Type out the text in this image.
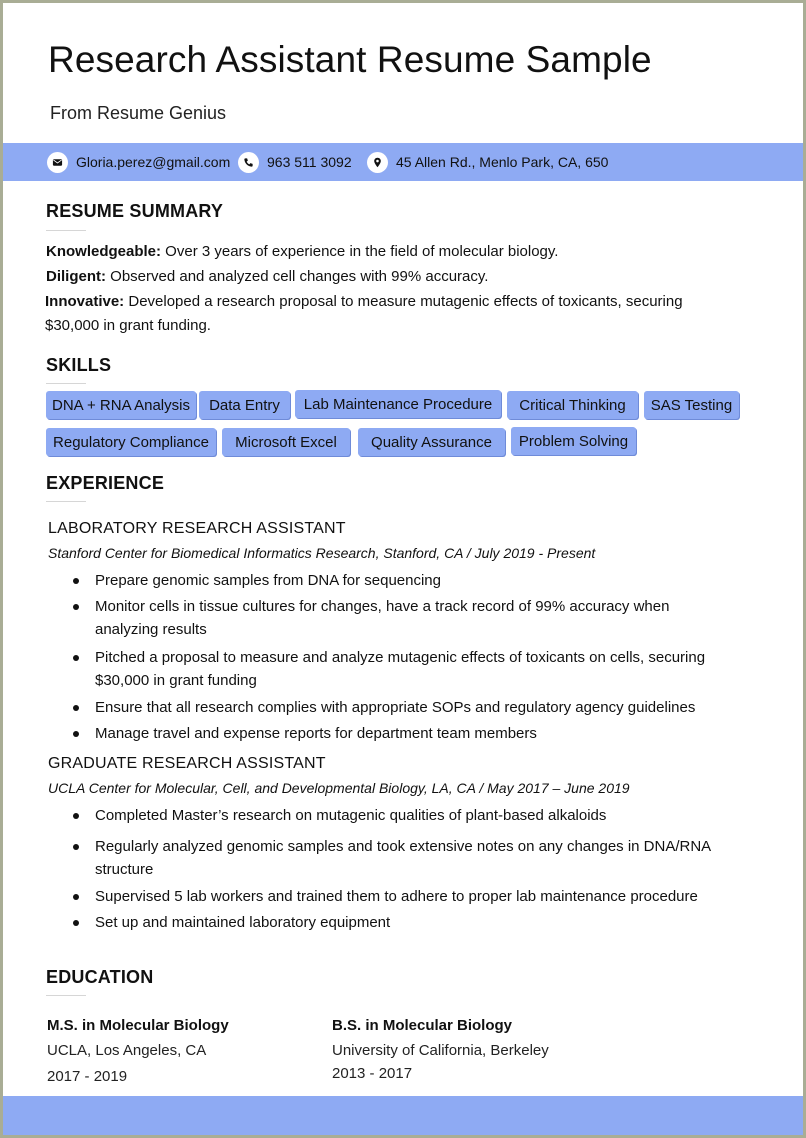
Research Assistant Resume Sample
From Resume Genius
Gloria.perez@gmail.com	963 511 3092	45 Allen Rd., Menlo Park, CA, 650
RESUME SUMMARY
Knowledgeable: Over 3 years of experience in the field of molecular biology.
Diligent: Observed and analyzed cell changes with 99% accuracy.
Innovative: Developed a research proposal to measure mutagenic effects of toxicants, securing $30,000 in grant funding.
SKILLS
DNA + RNA Analysis	Data Entry	Lab Maintenance Procedure	Critical Thinking	SAS Testing
Regulatory Compliance	Microsoft Excel	Quality Assurance	Problem Solving
EXPERIENCE
LABORATORY RESEARCH ASSISTANT
Stanford Center for Biomedical Informatics Research, Stanford, CA / July 2019 - Present
Prepare genomic samples from DNA for sequencing
Monitor cells in tissue cultures for changes, have a track record of 99% accuracy when analyzing results
Pitched a proposal to measure and analyze mutagenic effects of toxicants on cells, securing $30,000 in grant funding
Ensure that all research complies with appropriate SOPs and regulatory agency guidelines
Manage travel and expense reports for department team members
GRADUATE RESEARCH ASSISTANT
UCLA Center for Molecular, Cell, and Developmental Biology, LA, CA / May 2017 – June 2019
Completed Master’s research on mutagenic qualities of plant-based alkaloids
Regularly analyzed genomic samples and took extensive notes on any changes in DNA/RNA structure
Supervised 5 lab workers and trained them to adhere to proper lab maintenance procedure
Set up and maintained laboratory equipment
EDUCATION
M.S. in Molecular Biology
UCLA, Los Angeles, CA
2017 - 2019
B.S. in Molecular Biology
University of California, Berkeley
2013 - 2017
